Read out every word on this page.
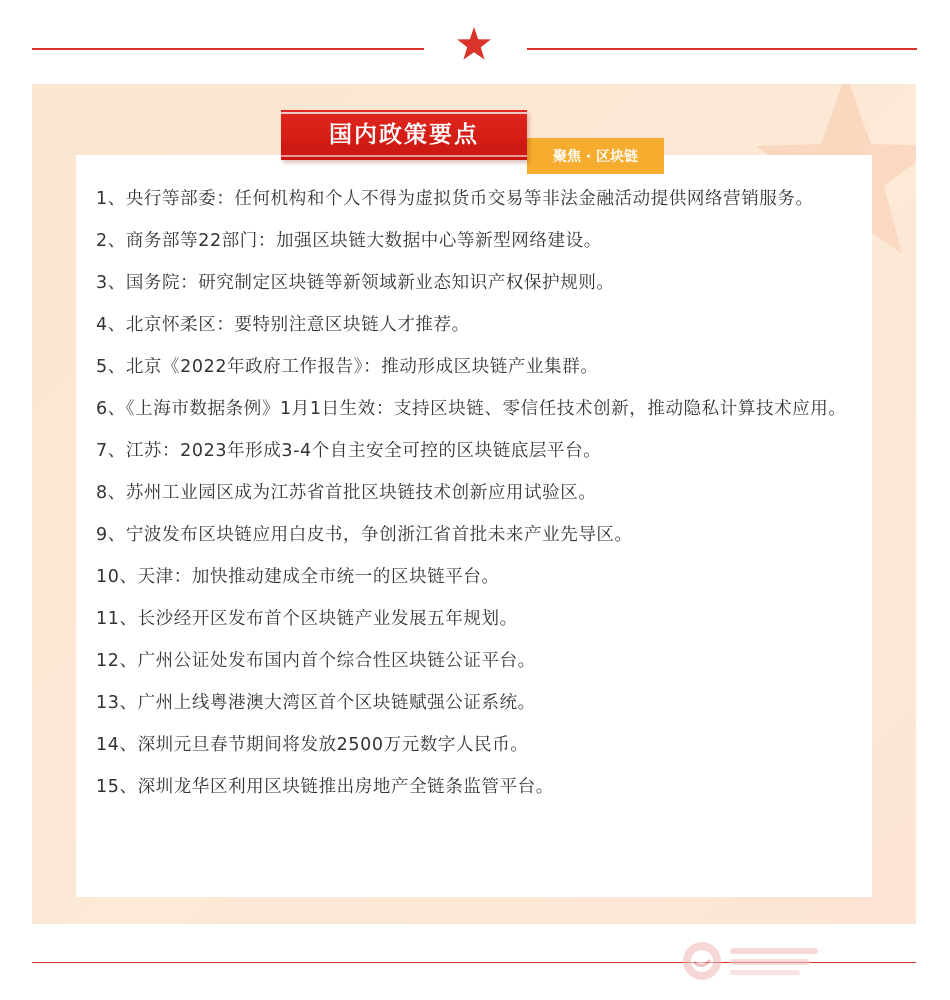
国内政策要点
聚焦 · 区块链
1、央行等部委：任何机构和个人不得为虚拟货币交易等非法金融活动提供网络营销服务。
2、商务部等22部门：加强区块链大数据中心等新型网络建设。
3、国务院：研究制定区块链等新领域新业态知识产权保护规则。
4、北京怀柔区：要特别注意区块链人才推荐。
5、北京《2022年政府工作报告》：推动形成区块链产业集群。
6、《上海市数据条例》1月1日生效：支持区块链、零信任技术创新，推动隐私计算技术应用。
7、江苏：2023年形成3-4个自主安全可控的区块链底层平台。
8、苏州工业园区成为江苏省首批区块链技术创新应用试验区。
9、宁波发布区块链应用白皮书，争创浙江省首批未来产业先导区。
10、天津：加快推动建成全市统一的区块链平台。
11、长沙经开区发布首个区块链产业发展五年规划。
12、广州公证处发布国内首个综合性区块链公证平台。
13、广州上线粤港澳大湾区首个区块链赋强公证系统。
14、深圳元旦春节期间将发放2500万元数字人民币。
15、深圳龙华区利用区块链推出房地产全链条监管平台。
